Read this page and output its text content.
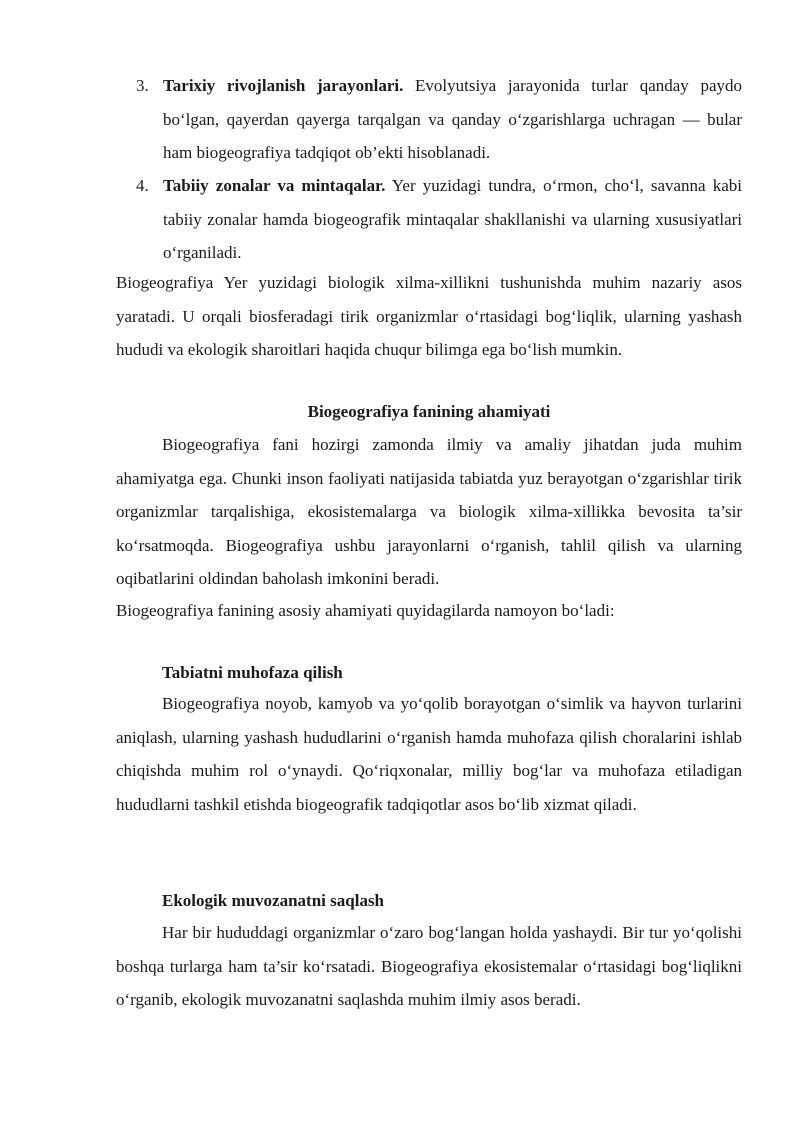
3. Tarixiy rivojlanish jarayonlari. Evolyutsiya jarayonida turlar qanday paydo bo‘lgan, qayerdan qayerga tarqalgan va qanday o‘zgarishlarga uchragan — bular ham biogeografiya tadqiqot ob’ekti hisoblanadi.
4. Tabiiy zonalar va mintaqalar. Yer yuzidagi tundra, o‘rmon, cho‘l, savanna kabi tabiiy zonalar hamda biogeografik mintaqalar shakllanishi va ularning xususiyatlari o‘rganiladi.
Biogeografiya Yer yuzidagi biologik xilma-xillikni tushunishda muhim nazariy asos yaratadi. U orqali biosferadagi tirik organizmlar o‘rtasidagi bog‘liqlik, ularning yashash hududi va ekologik sharoitlari haqida chuqur bilimga ega bo‘lish mumkin.
Biogeografiya fanining ahamiyati
Biogeografiya fani hozirgi zamonda ilmiy va amaliy jihatdan juda muhim ahamiyatga ega. Chunki inson faoliyati natijasida tabiatda yuz berayotgan o‘zgarishlar tirik organizmlar tarqalishiga, ekosistemalarga va biologik xilma-xillikka bevosita ta’sir ko‘rsatmoqda. Biogeografiya ushbu jarayonlarni o‘rganish, tahlil qilish va ularning oqibatlarini oldindan baholash imkonini beradi.
Biogeografiya fanining asosiy ahamiyati quyidagilarda namoyon bo‘ladi:
Tabiatni muhofaza qilish
Biogeografiya noyob, kamyob va yo‘qolib borayotgan o‘simlik va hayvon turlarini aniqlash, ularning yashash hududlarini o‘rganish hamda muhofaza qilish choralarini ishlab chiqishda muhim rol o‘ynaydi. Qo‘riqxonalar, milliy bog‘lar va muhofaza etiladigan hududlarni tashkil etishda biogeografik tadqiqotlar asos bo‘lib xizmat qiladi.
Ekologik muvozanatni saqlash
Har bir hududdagi organizmlar o‘zaro bog‘langan holda yashaydi. Bir tur yo‘qolishi boshqa turlarga ham ta’sir ko‘rsatadi. Biogeografiya ekosistemalar o‘rtasidagi bog‘liqlikni o‘rganib, ekologik muvozanatni saqlashda muhim ilmiy asos beradi.
